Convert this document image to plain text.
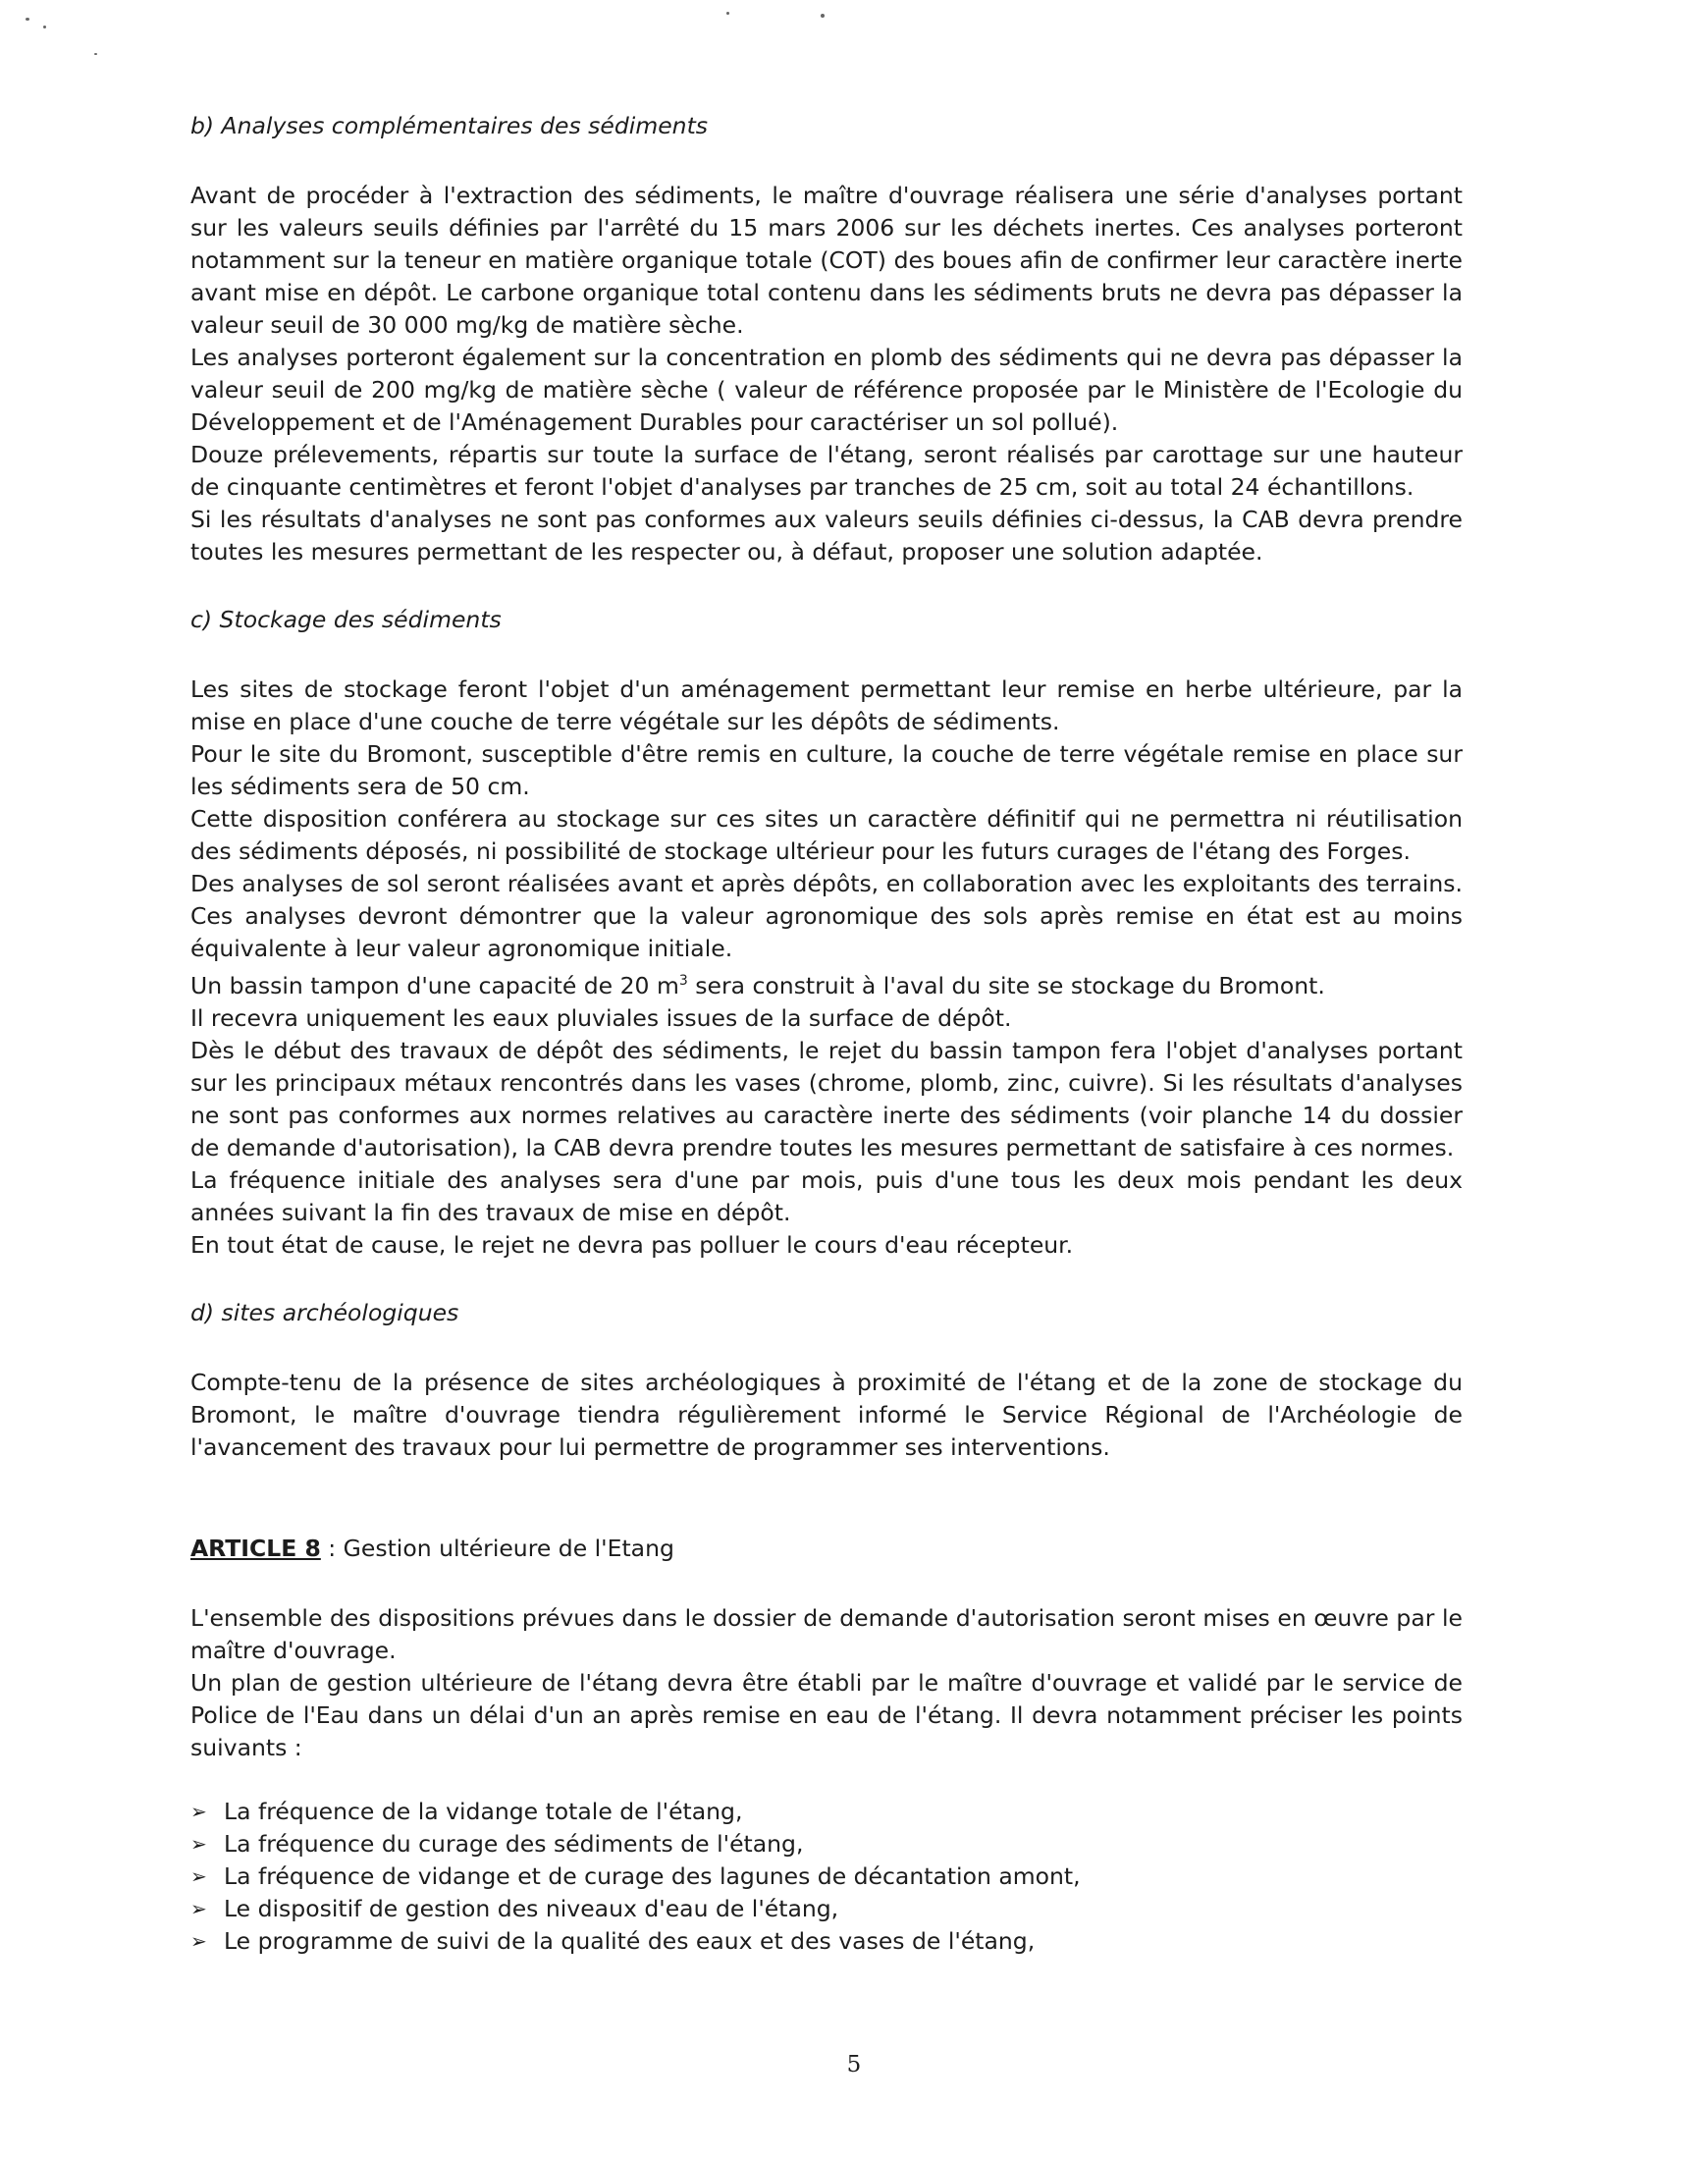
b) Analyses complémentaires des sédiments

Avant de procéder à l'extraction des sédiments, le maître d'ouvrage réalisera une série d'analyses portant sur les valeurs seuils définies par l'arrêté du 15 mars 2006 sur les déchets inertes. Ces analyses porteront notamment sur la teneur en matière organique totale (COT) des boues afin de confirmer leur caractère inerte avant mise en dépôt. Le carbone organique total contenu dans les sédiments bruts ne devra pas dépasser la valeur seuil de 30 000 mg/kg de matière sèche.

Les analyses porteront également sur la concentration en plomb des sédiments qui ne devra pas dépasser la valeur seuil de 200 mg/kg de matière sèche ( valeur de référence proposée par le Ministère de l'Ecologie du Développement et de l'Aménagement Durables pour caractériser un sol pollué).

Douze prélevements, répartis sur toute la surface de l'étang, seront réalisés par carottage sur une hauteur de cinquante centimètres et feront l'objet d'analyses par tranches de 25 cm, soit au total 24 échantillons.

Si les résultats d'analyses ne sont pas conformes aux valeurs seuils définies ci-dessus, la CAB devra prendre toutes les mesures permettant de les respecter ou, à défaut, proposer une solution adaptée.

c) Stockage des sédiments

Les sites de stockage feront l'objet d'un aménagement permettant leur remise en herbe ultérieure, par la mise en place d'une couche de terre végétale sur les dépôts de sédiments.

Pour le site du Bromont, susceptible d'être remis en culture, la couche de terre végétale remise en place sur les sédiments sera de 50 cm.

Cette disposition conférera au stockage sur ces sites un caractère définitif qui ne permettra ni réutilisation des sédiments déposés, ni possibilité de stockage ultérieur pour les futurs curages de l'étang des Forges.

Des analyses de sol seront réalisées avant et après dépôts, en collaboration avec les exploitants des terrains. Ces analyses devront démontrer que la valeur agronomique des sols après remise en état est au moins équivalente à leur valeur agronomique initiale.

Un bassin tampon d'une capacité de 20 $m^3$ sera construit à l'aval du site se stockage du Bromont.

Il recevra uniquement les eaux pluviales issues de la surface de dépôt.

Dès le début des travaux de dépôt des sédiments, le rejet du bassin tampon fera l'objet d'analyses portant sur les principaux métaux rencontrés dans les vases (chrome, plomb, zinc, cuivre). Si les résultats d'analyses ne sont pas conformes aux normes relatives au caractère inerte des sédiments (voir planche 14 du dossier de demande d'autorisation), la CAB devra prendre toutes les mesures permettant de satisfaire à ces normes.

La fréquence initiale des analyses sera d'une par mois, puis d'une tous les deux mois pendant les deux années suivant la fin des travaux de mise en dépôt.

En tout état de cause, le rejet ne devra pas polluer le cours d'eau récepteur.

d) sites archéologiques

Compte-tenu de la présence de sites archéologiques à proximité de l'étang et de la zone de stockage du Bromont, le maître d'ouvrage tiendra régulièrement informé le Service Régional de l'Archéologie de l'avancement des travaux pour lui permettre de programmer ses interventions.

ARTICLE 8 : Gestion ultérieure de l'Etang

L'ensemble des dispositions prévues dans le dossier de demande d'autorisation seront mises en œuvre par le maître d'ouvrage.

Un plan de gestion ultérieure de l'étang devra être établi par le maître d'ouvrage et validé par le service de Police de l'Eau dans un délai d'un an après remise en eau de l'étang. Il devra notamment préciser les points suivants :

➢ La fréquence de la vidange totale de l'étang,
➢ La fréquence du curage des sédiments de l'étang,
➢ La fréquence de vidange et de curage des lagunes de décantation amont,
➢ Le dispositif de gestion des niveaux d'eau de l'étang,
➢ Le programme de suivi de la qualité des eaux et des vases de l'étang,
5
